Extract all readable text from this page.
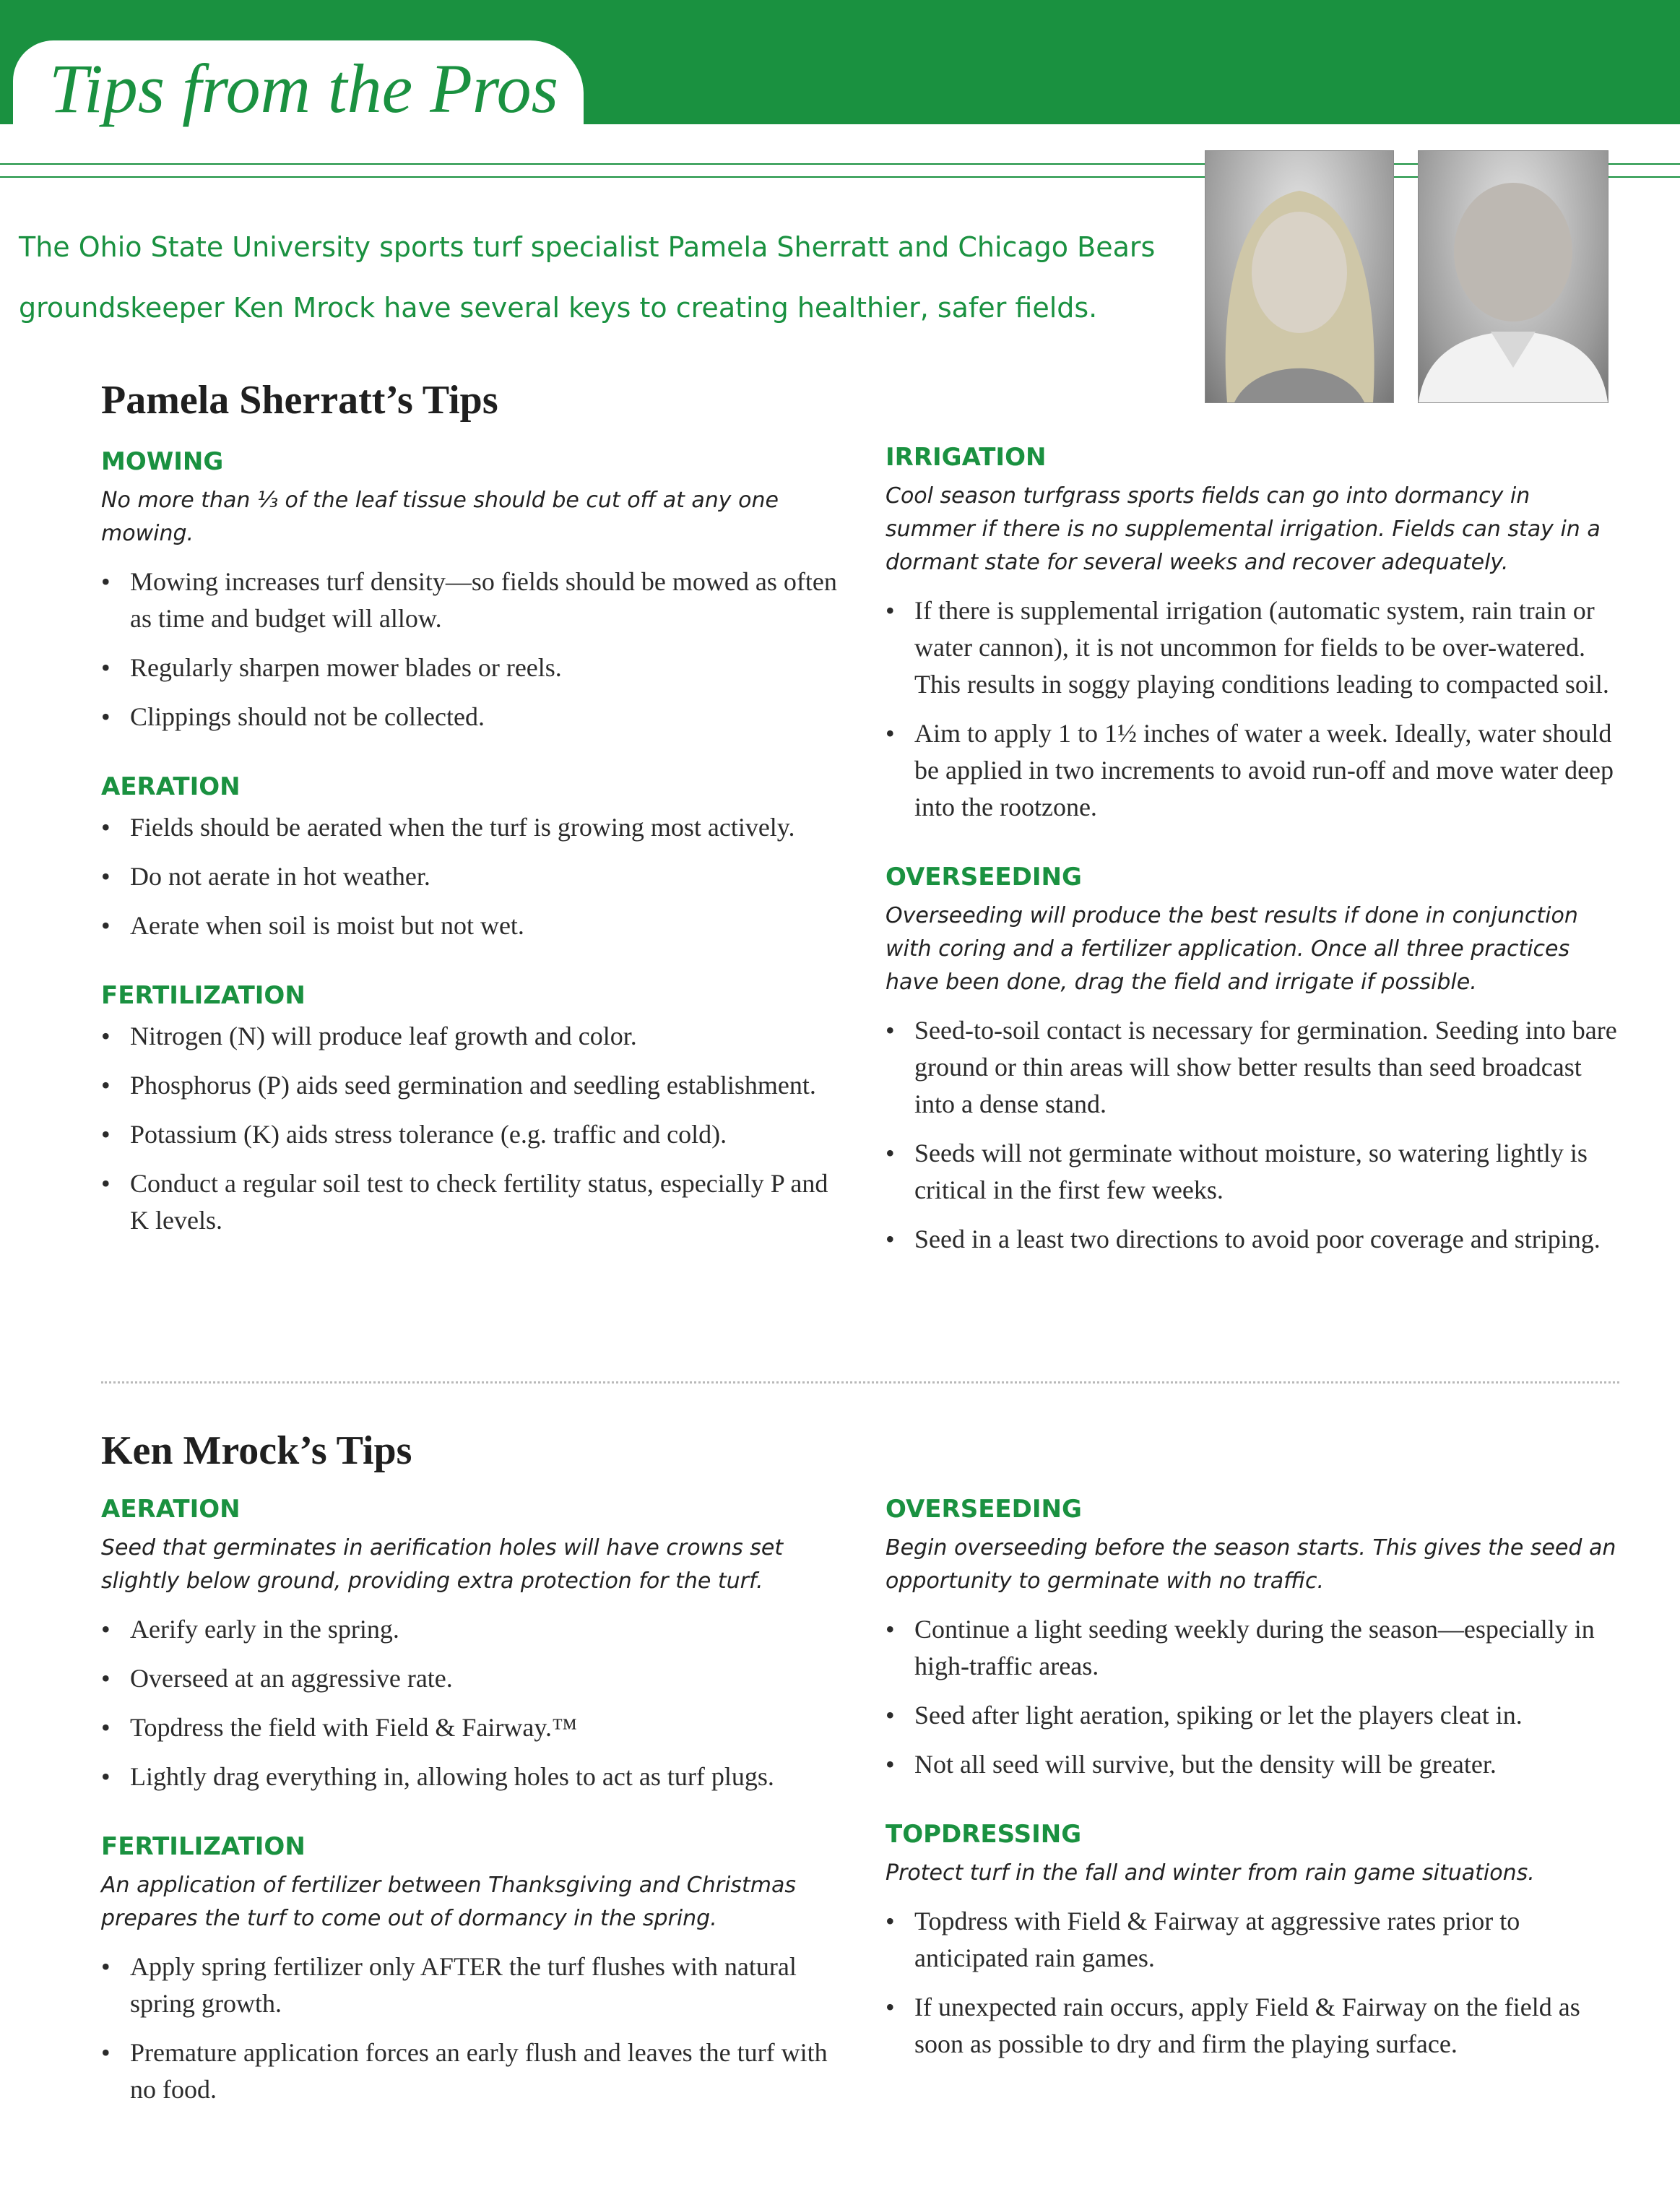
Tips from the Pros

The Ohio State University sports turf specialist Pamela Sherratt and Chicago Bears groundskeeper Ken Mrock have several keys to creating healthier, safer fields.

Pamela Sherratt’s Tips
MOWING

No more than ⅓ of the leaf tissue should be cut off at any one mowing.

• Mowing increases turf density—so fields should be mowed as often as time and budget will allow.
• Regularly sharpen mower blades or reels.
• Clippings should not be collected.
AERATION
• Fields should be aerated when the turf is growing most actively.
• Do not aerate in hot weather.
• Aerate when soil is moist but not wet.
FERTILIZATION
• Nitrogen (N) will produce leaf growth and color.
• Phosphorus (P) aids seed germination and seedling establishment.
• Potassium (K) aids stress tolerance (e.g. traffic and cold).
• Conduct a regular soil test to check fertility status, especially P and K levels.
IRRIGATION

Cool season turfgrass sports fields can go into dormancy in summer if there is no supplemental irrigation. Fields can stay in a dormant state for several weeks and recover adequately.

• If there is supplemental irrigation (automatic system, rain train or water cannon), it is not uncommon for fields to be over-watered. This results in soggy playing conditions leading to compacted soil.
• Aim to apply 1 to 1½ inches of water a week. Ideally, water should be applied in two increments to avoid run-off and move water deep into the rootzone.
OVERSEEDING

Overseeding will produce the best results if done in conjunction with coring and a fertilizer application. Once all three practices have been done, drag the field and irrigate if possible.

• Seed-to-soil contact is necessary for germination. Seeding into bare ground or thin areas will show better results than seed broadcast into a dense stand.
• Seeds will not germinate without moisture, so watering lightly is critical in the first few weeks.
• Seed in a least two directions to avoid poor coverage and striping.
Ken Mrock’s Tips
AERATION

Seed that germinates in aerification holes will have crowns set slightly below ground, providing extra protection for the turf.

• Aerify early in the spring.
• Overseed at an aggressive rate.
• Topdress the field with Field & Fairway.™
• Lightly drag everything in, allowing holes to act as turf plugs.
FERTILIZATION

An application of fertilizer between Thanksgiving and Christmas prepares the turf to come out of dormancy in the spring.

• Apply spring fertilizer only AFTER the turf flushes with natural spring growth.
• Premature application forces an early flush and leaves the turf with no food.
OVERSEEDING

Begin overseeding before the season starts. This gives the seed an opportunity to germinate with no traffic.

• Continue a light seeding weekly during the season—especially in high-traffic areas.
• Seed after light aeration, spiking or let the players cleat in.
• Not all seed will survive, but the density will be greater.
TOPDRESSING

Protect turf in the fall and winter from rain game situations.

• Topdress with Field & Fairway at aggressive rates prior to anticipated rain games.
• If unexpected rain occurs, apply Field & Fairway on the field as soon as possible to dry and firm the playing surface.
